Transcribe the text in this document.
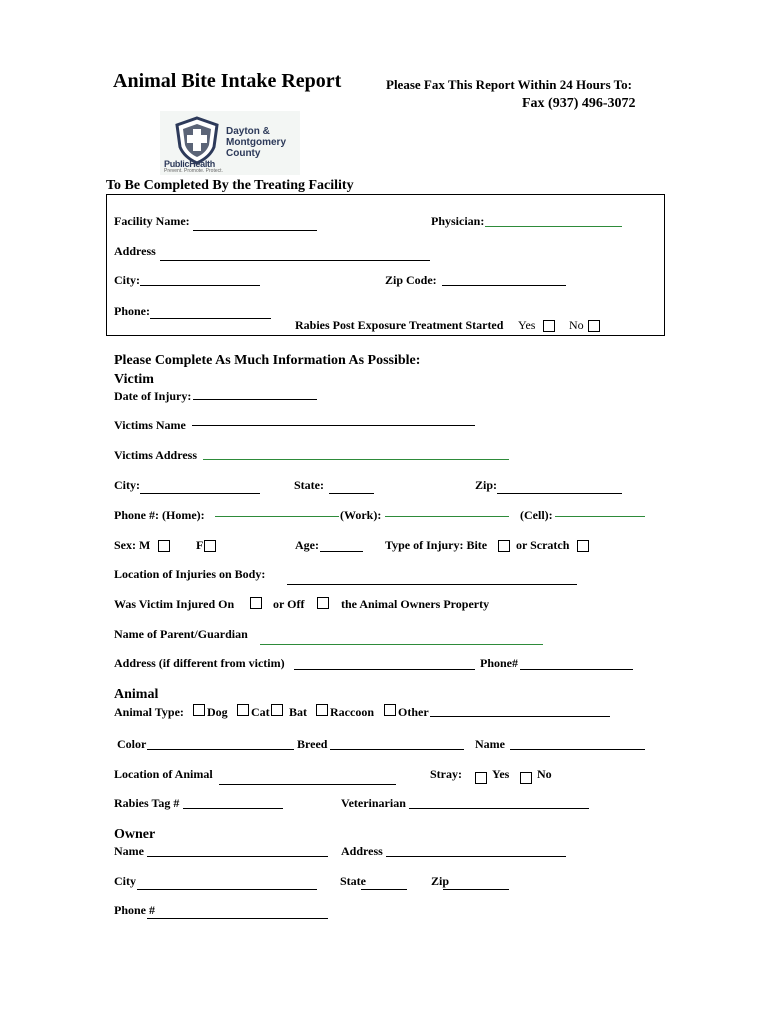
Animal Bite Intake Report	Please Fax This Report Within 24 Hours To:
Fax (937) 496-3072
Dayton &
Montgomery
County
PublicHealth
Prevent. Promote. Protect.
To Be Completed By the Treating Facility
Facility Name:	Physician:
Address
City:	Zip Code:
Phone:
Rabies Post Exposure Treatment Started Yes	No
Please Complete As Much Information As Possible:
Victim
Date of Injury:
Victims Name
Victims Address
City:	State:	Zip:
Phone #: (Home):	(Work):	(Cell):
Sex: M	F	Age:	Type of Injury: Bite or Scratch
Location of Injuries on Body:
Was Victim Injured On	or Off	the Animal Owners Property
Name of Parent/Guardian
Address (if different from victim)	Phone#
Animal
Animal Type: Dog Cat Bat Raccoon Other
Color	Breed	Name
Location of Animal	Stray:	Yes No
Rabies Tag #	Veterinarian
Owner
Name	Address
City	State	Zip
Phone #
